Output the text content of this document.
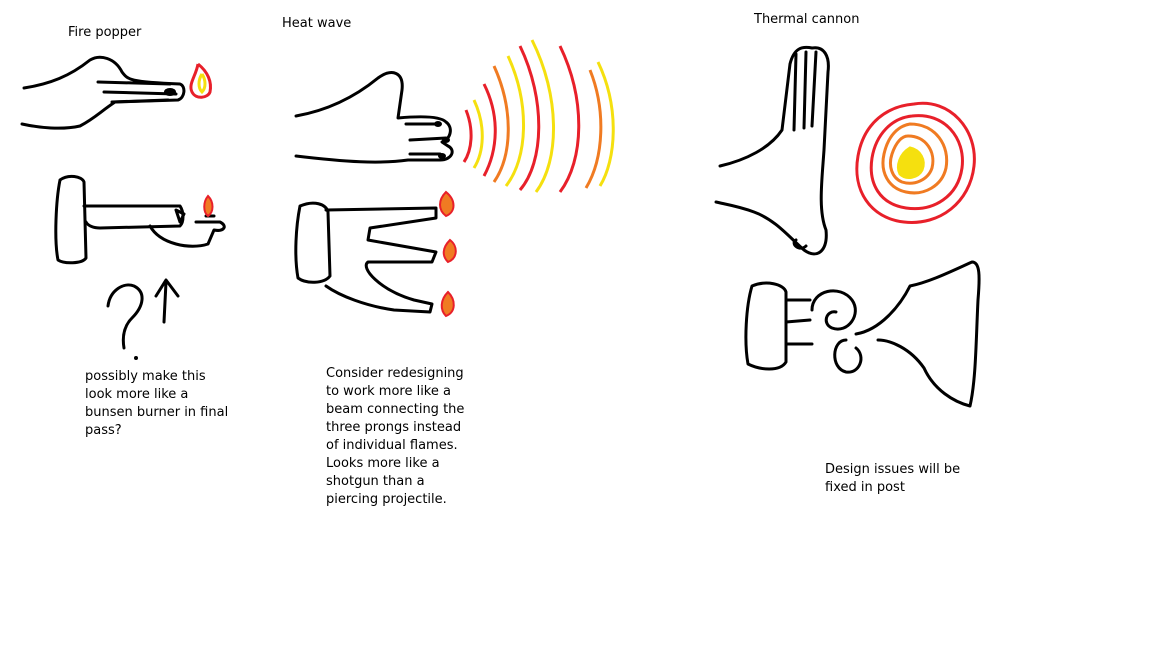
Fire popper
Heat wave	Thermal cannon
possibly make this
look more like a
bunsen burner in final
pass?
Consider redesigning
to work more like a
beam connecting the
three prongs instead
of individual flames.
Looks more like a
shotgun than a
piercing projectile.
Design issues will be
fixed in post
